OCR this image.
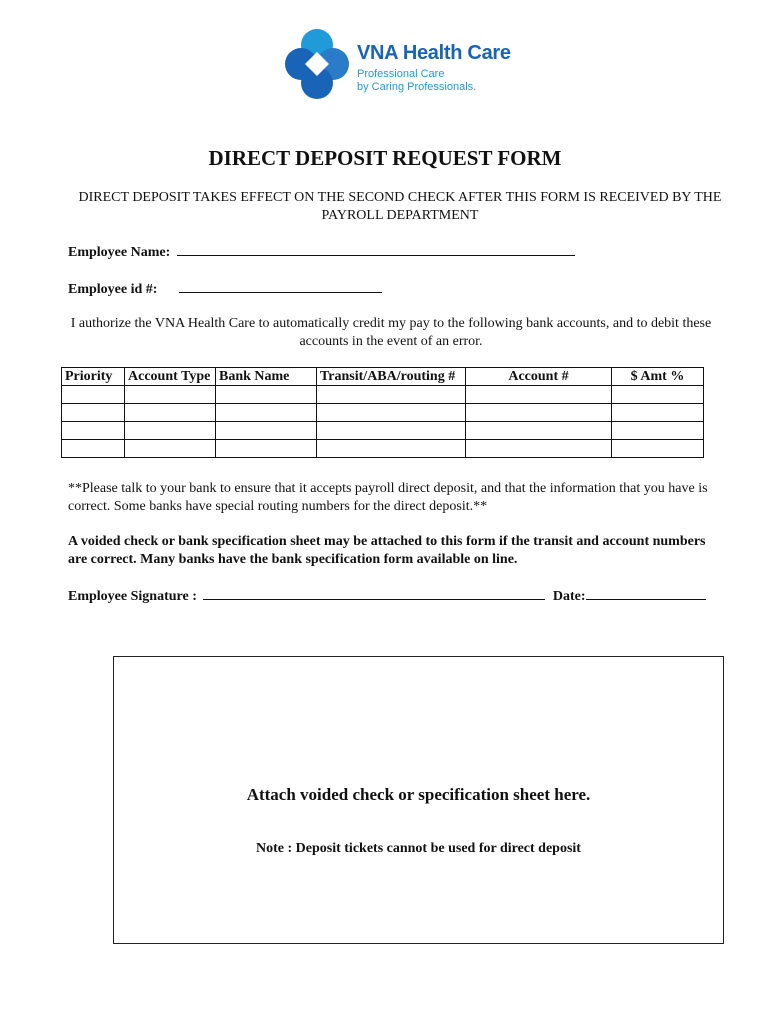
VNA Health Care
Professional Care
by Caring Professionals.
DIRECT DEPOSIT REQUEST FORM
DIRECT DEPOSIT TAKES EFFECT ON THE SECOND CHECK AFTER THIS FORM IS RECEIVED BY THE PAYROLL DEPARTMENT
Employee Name:
Employee id #:
I authorize the VNA Health Care to automatically credit my pay to the following bank accounts, and to debit these accounts in the event of an error.
Priority	Account Type	Bank Name	Transit/ABA/routing #	Account #	$ Amt %

**Please talk to your bank to ensure that it accepts payroll direct deposit, and that the information that you have is correct. Some banks have special routing numbers for the direct deposit.**
A voided check or bank specification sheet may be attached to this form if the transit and account numbers are correct. Many banks have the bank specification form available on line.
Employee Signature :	Date:
Attach voided check or specification sheet here.
Note : Deposit tickets cannot be used for direct deposit
